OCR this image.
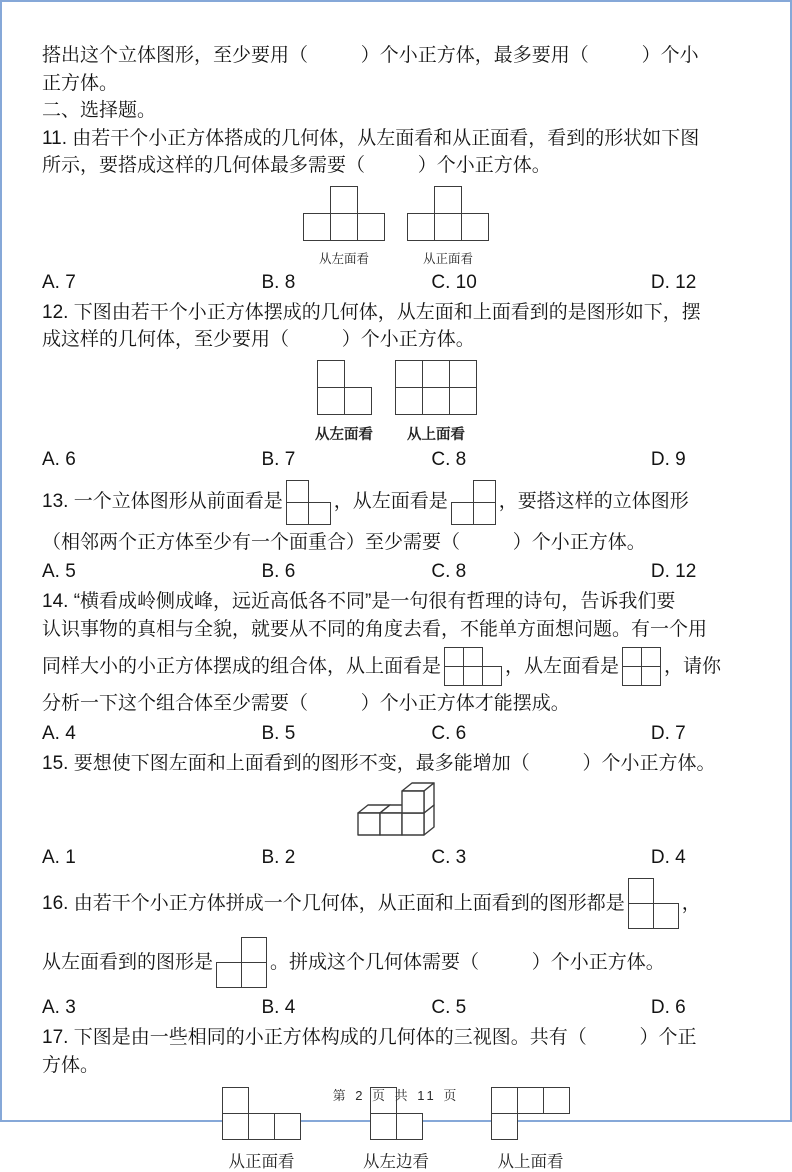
搭出这个立体图形，至少要用（          ）个小正方体，最多要用（          ）个小

正方体。

二、选择题。

11. 由若干个小正方体搭成的几何体，从左面看和从正面看，看到的形状如下图

所示，要搭成这样的几何体最多需要（          ）个小正方体。

从左面看	从正面看
A. 7	B. 8	C. 10	D. 12

12. 下图由若干个小正方体摆成的几何体，从左面和上面看到的是图形如下，摆

成这样的几何体，至少要用（          ）个小正方体。

从左面看	从上面看
A. 6	B. 7	C. 8	D. 9

13. 一个立体图形从前面看是	，从左面看是	，要搭这样的立体图形

（相邻两个正方体至少有一个面重合）至少需要（          ）个小正方体。

A. 5	B. 6	C. 8	D. 12

14. “横看成岭侧成峰，远近高低各不同”是一句很有哲理的诗句，告诉我们要

认识事物的真相与全貌，就要从不同的角度去看，不能单方面想问题。有一个用

同样大小的小正方体摆成的组合体，从上面看是	，从左面看是 ，请你

分析一下这个组合体至少需要（          ）个小正方体才能摆成。

A. 4	B. 5	C. 6	D. 7

15. 要想使下图左面和上面看到的图形不变，最多能增加（          ）个小正方体。

A. 1	B. 2	C. 3	D. 4

16. 由若干个小正方体拼成一个几何体，从正面和上面看到的图形都是	，

从左面看到的图形是	。拼成这个几何体需要（          ）个小正方体。

A. 3	B. 4	C. 5	D. 6

17. 下图是由一些相同的小正方体构成的几何体的三视图。共有（          ）个正

方体。

从正面看	从左边看	从上面看
第 2 页 共 11 页
